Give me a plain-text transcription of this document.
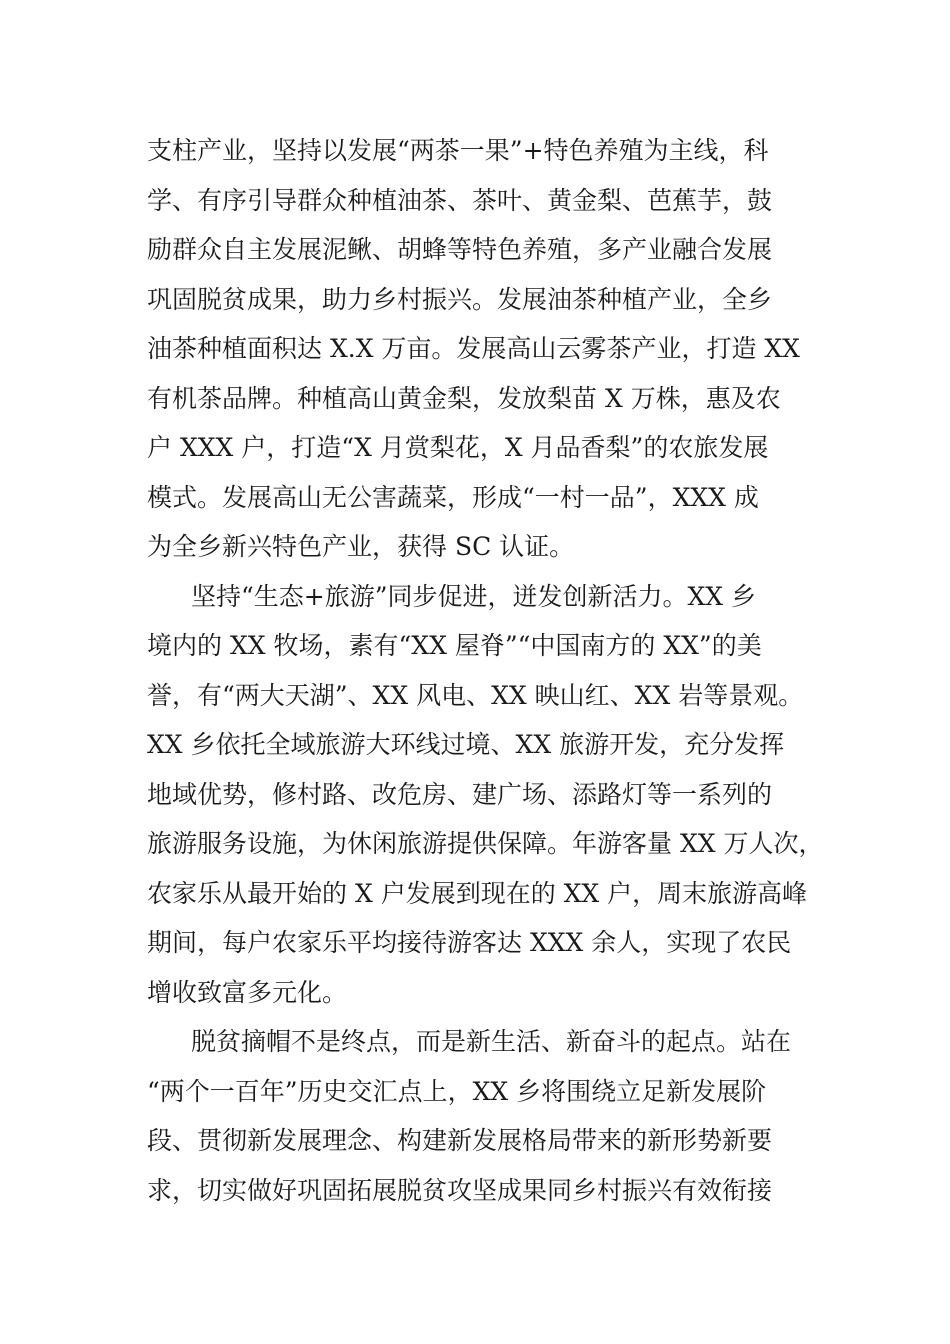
支柱产业，坚持以发展“两茶一果”+特色养殖为主线，科
学、有序引导群众种植油茶、茶叶、黄金梨、芭蕉芋，鼓
励群众自主发展泥鳅、胡蜂等特色养殖，多产业融合发展
巩固脱贫成果，助力乡村振兴。发展油茶种植产业，全乡
油茶种植面积达 X.X 万亩。发展高山云雾茶产业，打造 XX
有机茶品牌。种植高山黄金梨，发放梨苗 X 万株，惠及农
户 XXX 户，打造“X 月赏梨花，X 月品香梨”的农旅发展
模式。发展高山无公害蔬菜，形成“一村一品”，XXX 成
为全乡新兴特色产业，获得 SC 认证。
坚持“生态+旅游”同步促进，迸发创新活力。XX 乡
境内的 XX 牧场，素有“XX 屋脊”“中国南方的 XX”的美
誉，有“两大天湖”、XX 风电、XX 映山红、XX 岩等景观。
XX 乡依托全域旅游大环线过境、XX 旅游开发，充分发挥
地域优势，修村路、改危房、建广场、添路灯等一系列的
旅游服务设施，为休闲旅游提供保障。年游客量 XX 万人次，
农家乐从最开始的 X 户发展到现在的 XX 户，周末旅游高峰
期间，每户农家乐平均接待游客达 XXX 余人，实现了农民
增收致富多元化。
脱贫摘帽不是终点，而是新生活、新奋斗的起点。站在
“两个一百年”历史交汇点上，XX 乡将围绕立足新发展阶
段、贯彻新发展理念、构建新发展格局带来的新形势新要
求，切实做好巩固拓展脱贫攻坚成果同乡村振兴有效衔接
